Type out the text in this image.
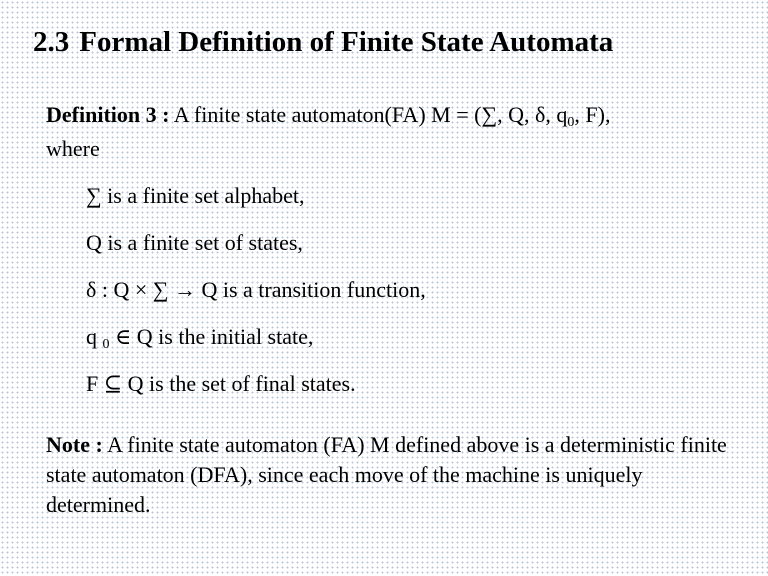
2.3 Formal Definition of Finite State Automata
Definition 3 : A finite state automaton(FA) M = (∑, Q, δ, q0, F),
where
∑ is a finite set alphabet,
Q is a finite set of states,
δ : Q × ∑ → Q is a transition function,
q 0 ∈ Q is the initial state,
F ⊆ Q is the set of final states.
Note : A finite state automaton (FA) M defined above is a deterministic finite state automaton (DFA), since each move of the machine is uniquely determined.
